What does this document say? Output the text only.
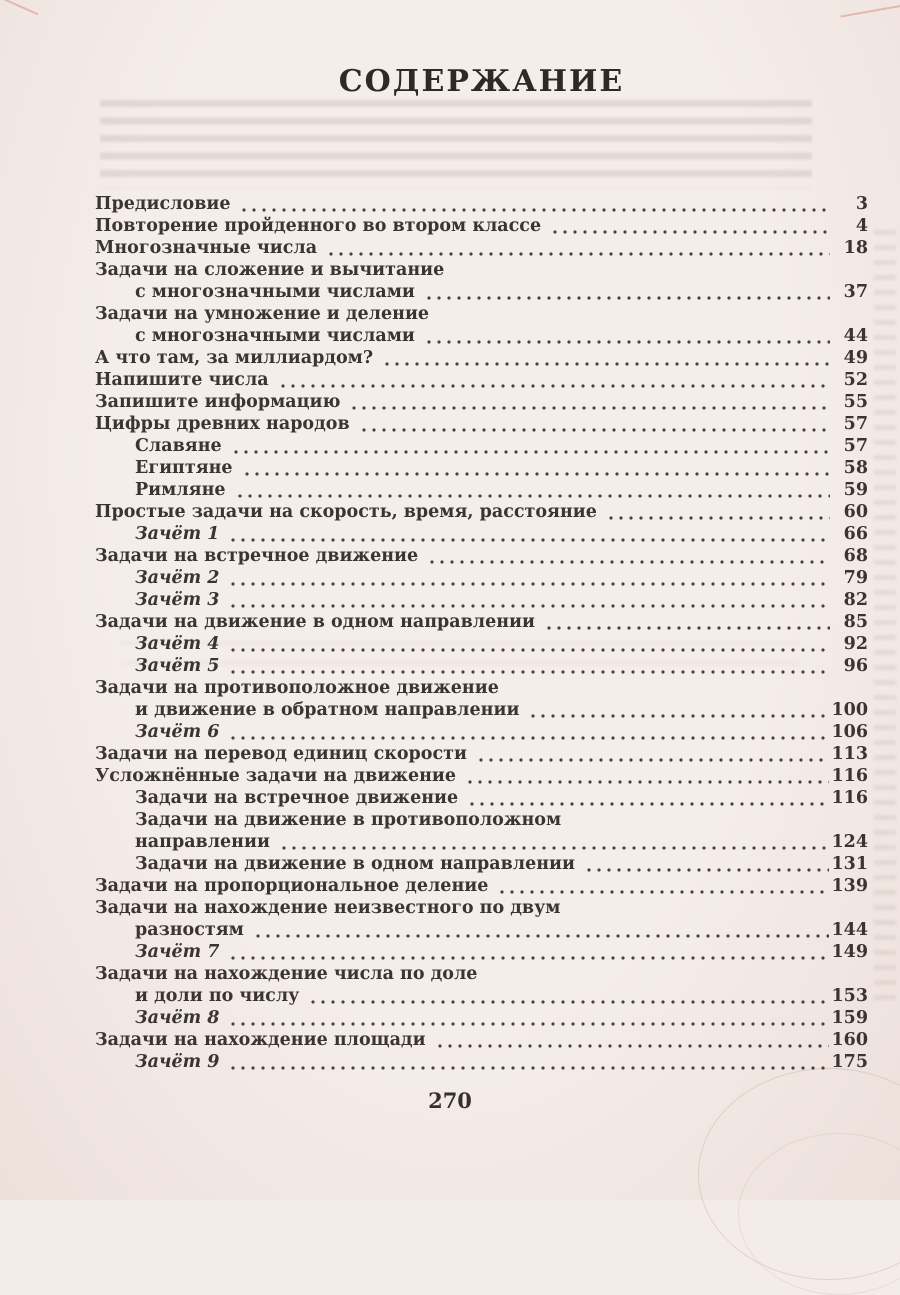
СОДЕРЖАНИЕ
Предисловие	3
Повторение пройденного во втором классе	4
Многозначные числа	18
Задачи на сложение и вычитание
с многозначными числами	37
Задачи на умножение и деление
с многозначными числами	44
А что там, за миллиардом?	49
Напишите числа	52
Запишите информацию	55
Цифры древних народов	57
Славяне	57
Египтяне	58
Римляне	59
Простые задачи на скорость, время, расстояние	60
Зачёт 1	66
Задачи на встречное движение	68
Зачёт 2	79
Зачёт 3	82
Задачи на движение в одном направлении	85
Зачёт 4	92
Зачёт 5	96
Задачи на противоположное движение
и движение в обратном направлении	100
Зачёт 6	106
Задачи на перевод единиц скорости	113
Усложнённые задачи на движение	116
Задачи на встречное движение	116
Задачи на движение в противоположном
направлении	124
Задачи на движение в одном направлении	131
Задачи на пропорциональное деление	139
Задачи на нахождение неизвестного по двум
разностям	144
Зачёт 7	149
Задачи на нахождение числа по доле
и доли по числу	153
Зачёт 8	159
Задачи на нахождение площади	160
Зачёт 9	175
270
